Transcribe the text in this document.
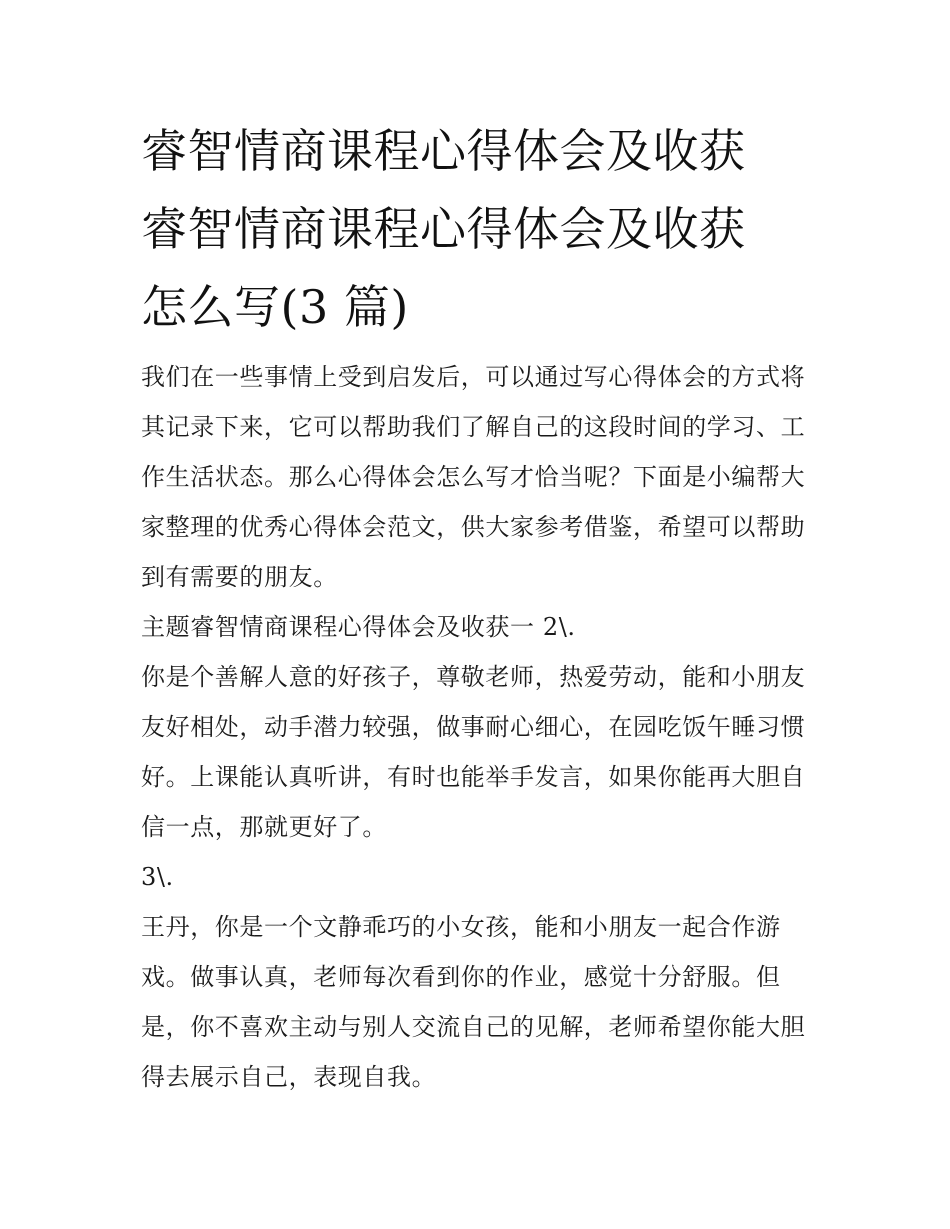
睿智情商课程心得体会及收获
睿智情商课程心得体会及收获
怎么写(3 篇)

我们在一些事情上受到启发后，可以通过写心得体会的方式将其记录下来，它可以帮助我们了解自己的这段时间的学习、工作生活状态。那么心得体会怎么写才恰当呢？下面是小编帮大家整理的优秀心得体会范文，供大家参考借鉴，希望可以帮助到有需要的朋友。

主题睿智情商课程心得体会及收获一 2\.

你是个善解人意的好孩子，尊敬老师，热爱劳动，能和小朋友友好相处，动手潜力较强，做事耐心细心，在园吃饭午睡习惯好。上课能认真听讲，有时也能举手发言，如果你能再大胆自信一点，那就更好了。

3\.

王丹，你是一个文静乖巧的小女孩，能和小朋友一起合作游戏。做事认真，老师每次看到你的作业，感觉十分舒服。但是，你不喜欢主动与别人交流自己的见解，老师希望你能大胆得去展示自己，表现自我。
